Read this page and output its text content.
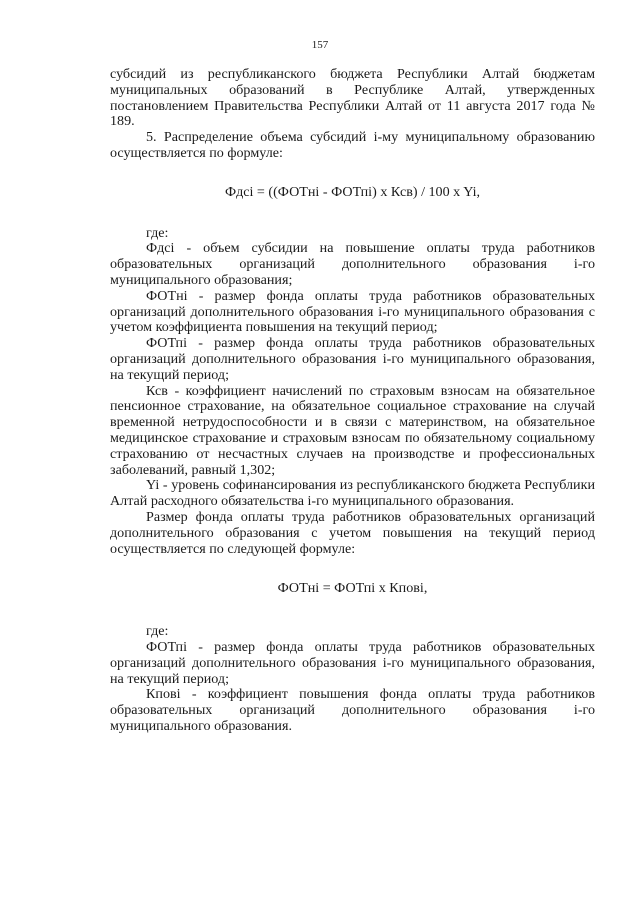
157

субсидий из республиканского бюджета Республики Алтай бюджетам муниципальных образований в Республике Алтай, утвержденных постановлением Правительства Республики Алтай от 11 августа 2017 года № 189.

5. Распределение объема субсидий i-му муниципальному образованию осуществляется по формуле:

Фдсi = ((ФОТнi - ФОТпi) x Ксв) / 100 x Yi,

где:

Фдсi - объем субсидии на повышение оплаты труда работников образовательных организаций дополнительного образования i-го муниципального образования;

ФОТнi - размер фонда оплаты труда работников образовательных организаций дополнительного образования i-го муниципального образования с учетом коэффициента повышения на текущий период;

ФОТпi - размер фонда оплаты труда работников образовательных организаций дополнительного образования i-го муниципального образования, на текущий период;

Ксв - коэффициент начислений по страховым взносам на обязательное пенсионное страхование, на обязательное социальное страхование на случай временной нетрудоспособности и в связи с материнством, на обязательное медицинское страхование и страховым взносам по обязательному социальному страхованию от несчастных случаев на производстве и профессиональных заболеваний, равный 1,302;

Yi - уровень софинансирования из республиканского бюджета Республики Алтай расходного обязательства i-го муниципального образования.

Размер фонда оплаты труда работников образовательных организаций дополнительного образования с учетом повышения на текущий период осуществляется по следующей формуле:

ФОТнi = ФОТпi x Кповi,

где:

ФОТпi - размер фонда оплаты труда работников образовательных организаций дополнительного образования i-го муниципального образования, на текущий период;

Кповi - коэффициент повышения фонда оплаты труда работников образовательных организаций дополнительного образования i-го муниципального образования.
